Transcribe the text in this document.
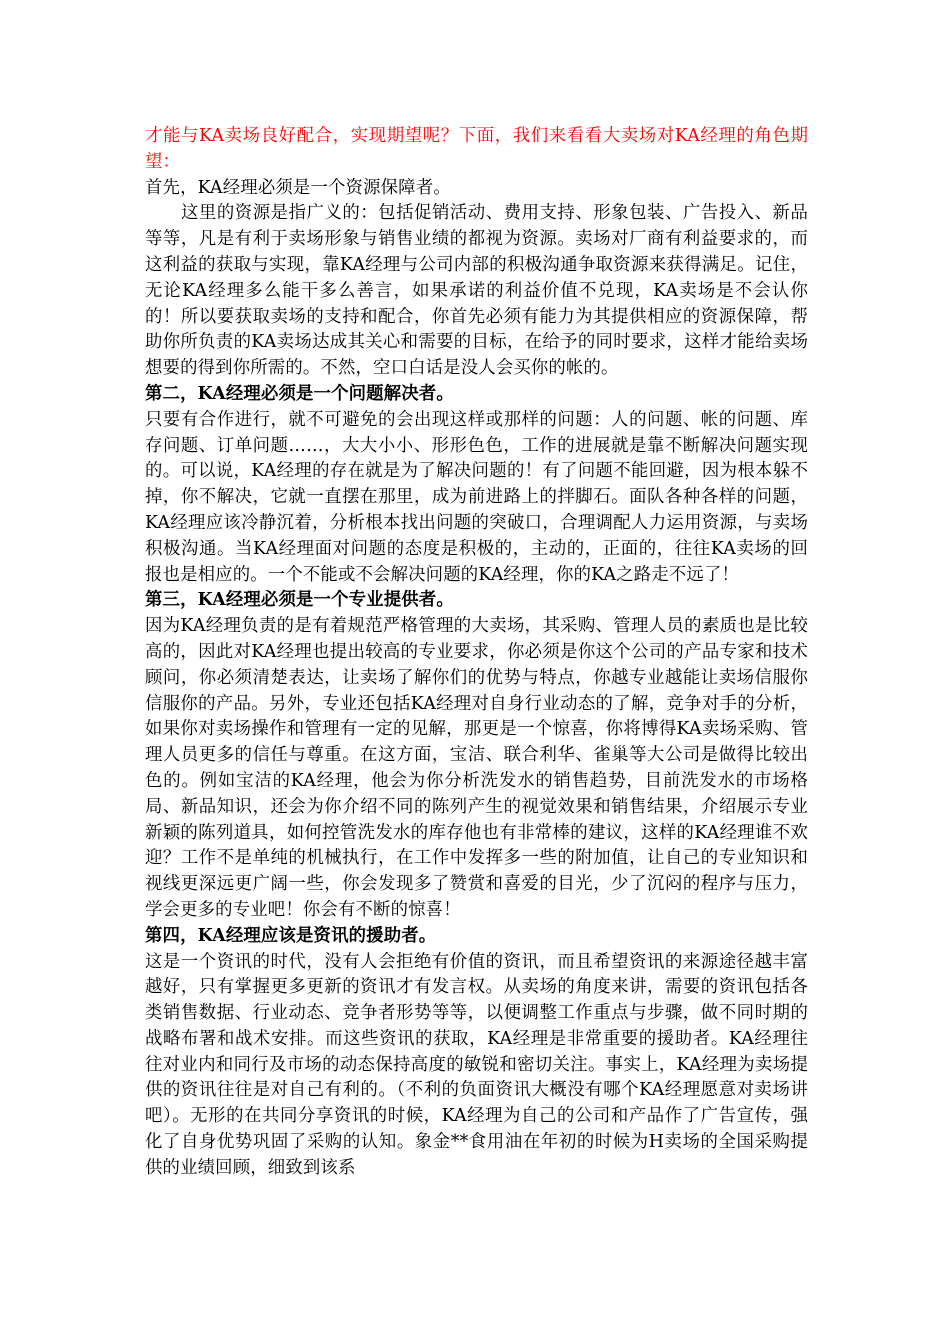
才能与KA卖场良好配合，实现期望呢？下面，我们来看看大卖场对KA经理的角色期望：

首先，KA经理必须是一个资源保障者。

这里的资源是指广义的：包括促销活动、费用支持、形象包装、广告投入、新品等等，凡是有利于卖场形象与销售业绩的都视为资源。卖场对厂商有利益要求的，而这利益的获取与实现，靠KA经理与公司内部的积极沟通争取资源来获得满足。记住，无论KA经理多么能干多么善言，如果承诺的利益价值不兑现，KA卖场是不会认你的！所以要获取卖场的支持和配合，你首先必须有能力为其提供相应的资源保障，帮助你所负责的KA卖场达成其关心和需要的目标，在给予的同时要求，这样才能给卖场想要的得到你所需的。不然，空口白话是没人会买你的帐的。

第二，KA经理必须是一个问题解决者。

只要有合作进行，就不可避免的会出现这样或那样的问题：人的问题、帐的问题、库存问题、订单问题……，大大小小、形形色色，工作的进展就是靠不断解决问题实现的。可以说，KA经理的存在就是为了解决问题的！有了问题不能回避，因为根本躲不掉，你不解决，它就一直摆在那里，成为前进路上的拌脚石。面队各种各样的问题，KA经理应该冷静沉着，分析根本找出问题的突破口，合理调配人力运用资源，与卖场积极沟通。当KA经理面对问题的态度是积极的，主动的，正面的，往往KA卖场的回报也是相应的。一个不能或不会解决问题的KA经理，你的KA之路走不远了！

第三，KA经理必须是一个专业提供者。

因为KA经理负责的是有着规范严格管理的大卖场，其采购、管理人员的素质也是比较高的，因此对KA经理也提出较高的专业要求，你必须是你这个公司的产品专家和技术顾问，你必须清楚表达，让卖场了解你们的优势与特点，你越专业越能让卖场信服你信服你的产品。另外，专业还包括KA经理对自身行业动态的了解，竞争对手的分析，如果你对卖场操作和管理有一定的见解，那更是一个惊喜，你将博得KA卖场采购、管理人员更多的信任与尊重。在这方面，宝洁、联合利华、雀巢等大公司是做得比较出色的。例如宝洁的KA经理，他会为你分析洗发水的销售趋势，目前洗发水的市场格局、新品知识，还会为你介绍不同的陈列产生的视觉效果和销售结果，介绍展示专业新颖的陈列道具，如何控管洗发水的库存他也有非常棒的建议，这样的KA经理谁不欢迎？工作不是单纯的机械执行，在工作中发挥多一些的附加值，让自己的专业知识和视线更深远更广阔一些，你会发现多了赞赏和喜爱的目光，少了沉闷的程序与压力，学会更多的专业吧！你会有不断的惊喜！

第四，KA经理应该是资讯的援助者。

这是一个资讯的时代，没有人会拒绝有价值的资讯，而且希望资讯的来源途径越丰富越好，只有掌握更多更新的资讯才有发言权。从卖场的角度来讲，需要的资讯包括各类销售数据、行业动态、竞争者形势等等，以便调整工作重点与步骤，做不同时期的战略布署和战术安排。而这些资讯的获取，KA经理是非常重要的援助者。KA经理往往对业内和同行及市场的动态保持高度的敏锐和密切关注。事实上，KA经理为卖场提供的资讯往往是对自己有利的。（不利的负面资讯大概没有哪个KA经理愿意对卖场讲吧）。无形的在共同分享资讯的时候，KA经理为自己的公司和产品作了广告宣传，强化了自身优势巩固了采购的认知。象金**食用油在年初的时候为H卖场的全国采购提供的业绩回顾，细致到该系
